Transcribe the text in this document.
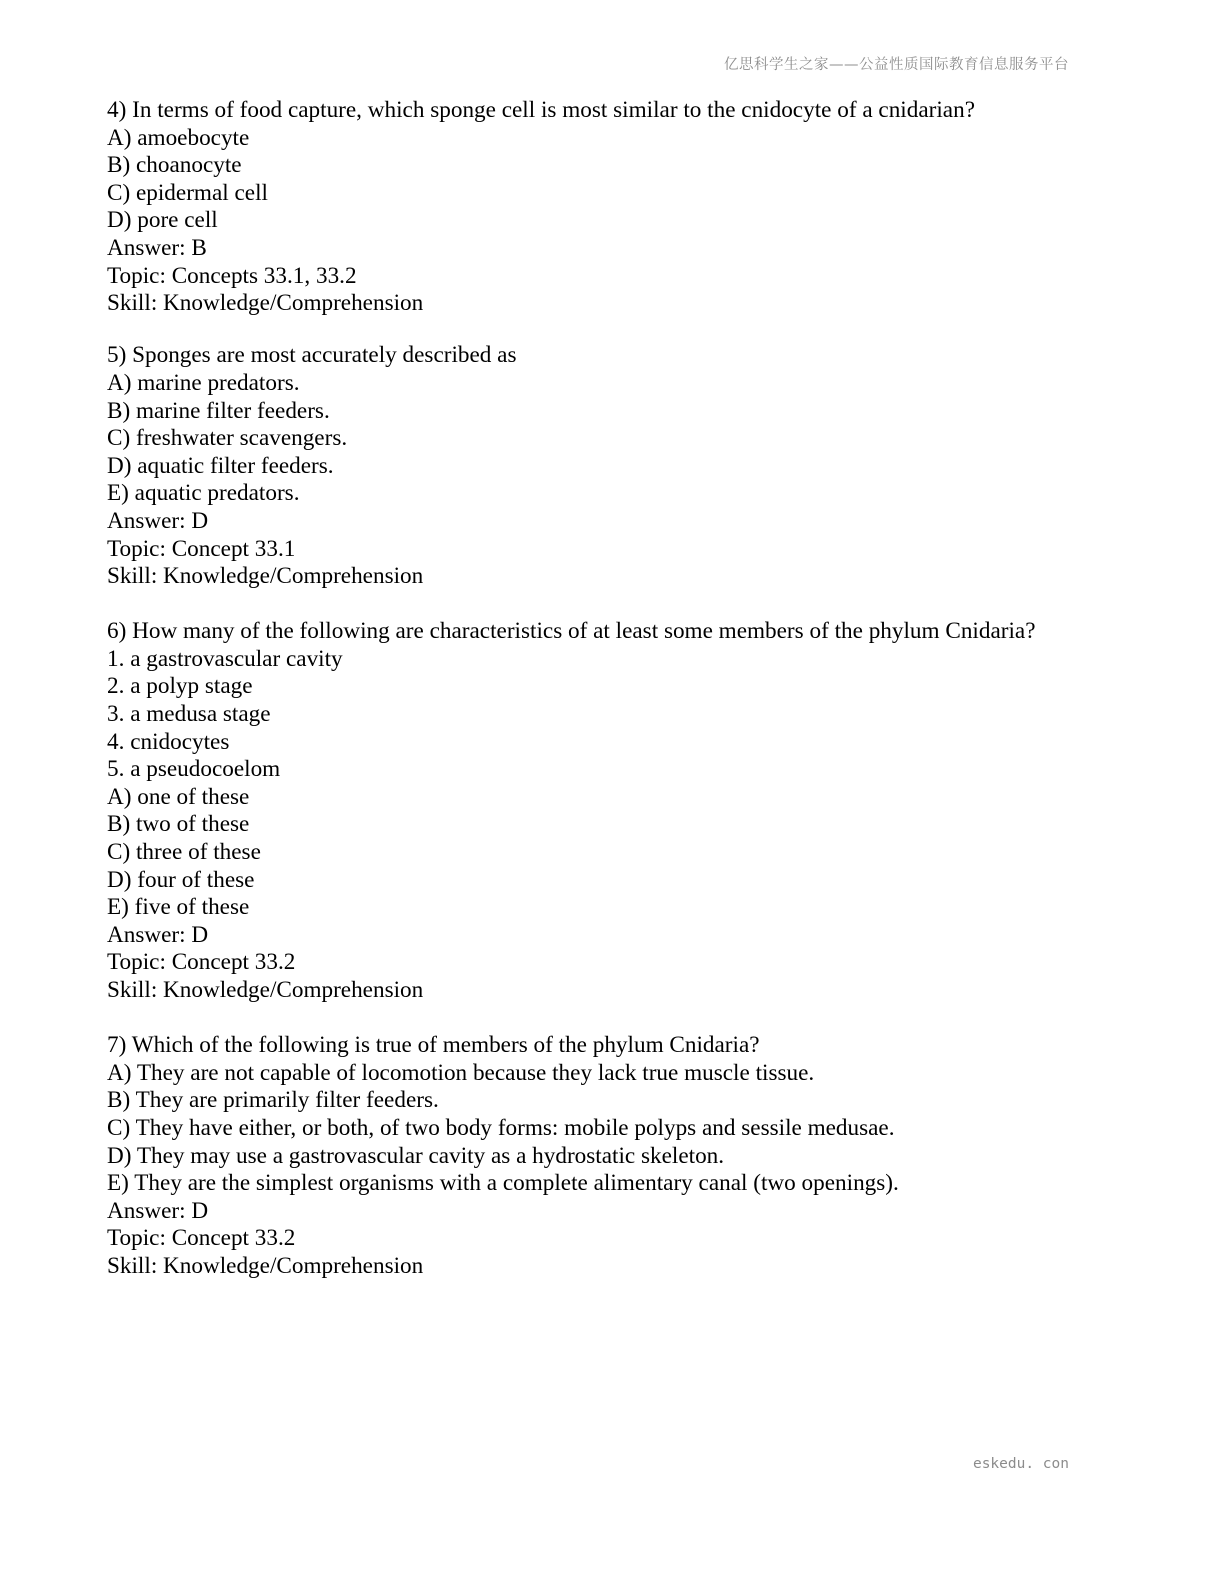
亿思科学生之家——公益性质国际教育信息服务平台
4) In terms of food capture, which sponge cell is most similar to the cnidocyte of a cnidarian?
A) amoebocyte
B) choanocyte
C) epidermal cell
D) pore cell
Answer: B
Topic: Concepts 33.1, 33.2
Skill: Knowledge/Comprehension
5) Sponges are most accurately described as
A) marine predators.
B) marine filter feeders.
C) freshwater scavengers.
D) aquatic filter feeders.
E) aquatic predators.
Answer: D
Topic: Concept 33.1
Skill: Knowledge/Comprehension
6) How many of the following are characteristics of at least some members of the phylum Cnidaria?
1. a gastrovascular cavity
2. a polyp stage
3. a medusa stage
4. cnidocytes
5. a pseudocoelom
A) one of these
B) two of these
C) three of these
D) four of these
E) five of these
Answer: D
Topic: Concept 33.2
Skill: Knowledge/Comprehension
7) Which of the following is true of members of the phylum Cnidaria?
A) They are not capable of locomotion because they lack true muscle tissue.
B) They are primarily filter feeders.
C) They have either, or both, of two body forms: mobile polyps and sessile medusae.
D) They may use a gastrovascular cavity as a hydrostatic skeleton.
E) They are the simplest organisms with a complete alimentary canal (two openings).
Answer: D
Topic: Concept 33.2
Skill: Knowledge/Comprehension
eskedu. con
